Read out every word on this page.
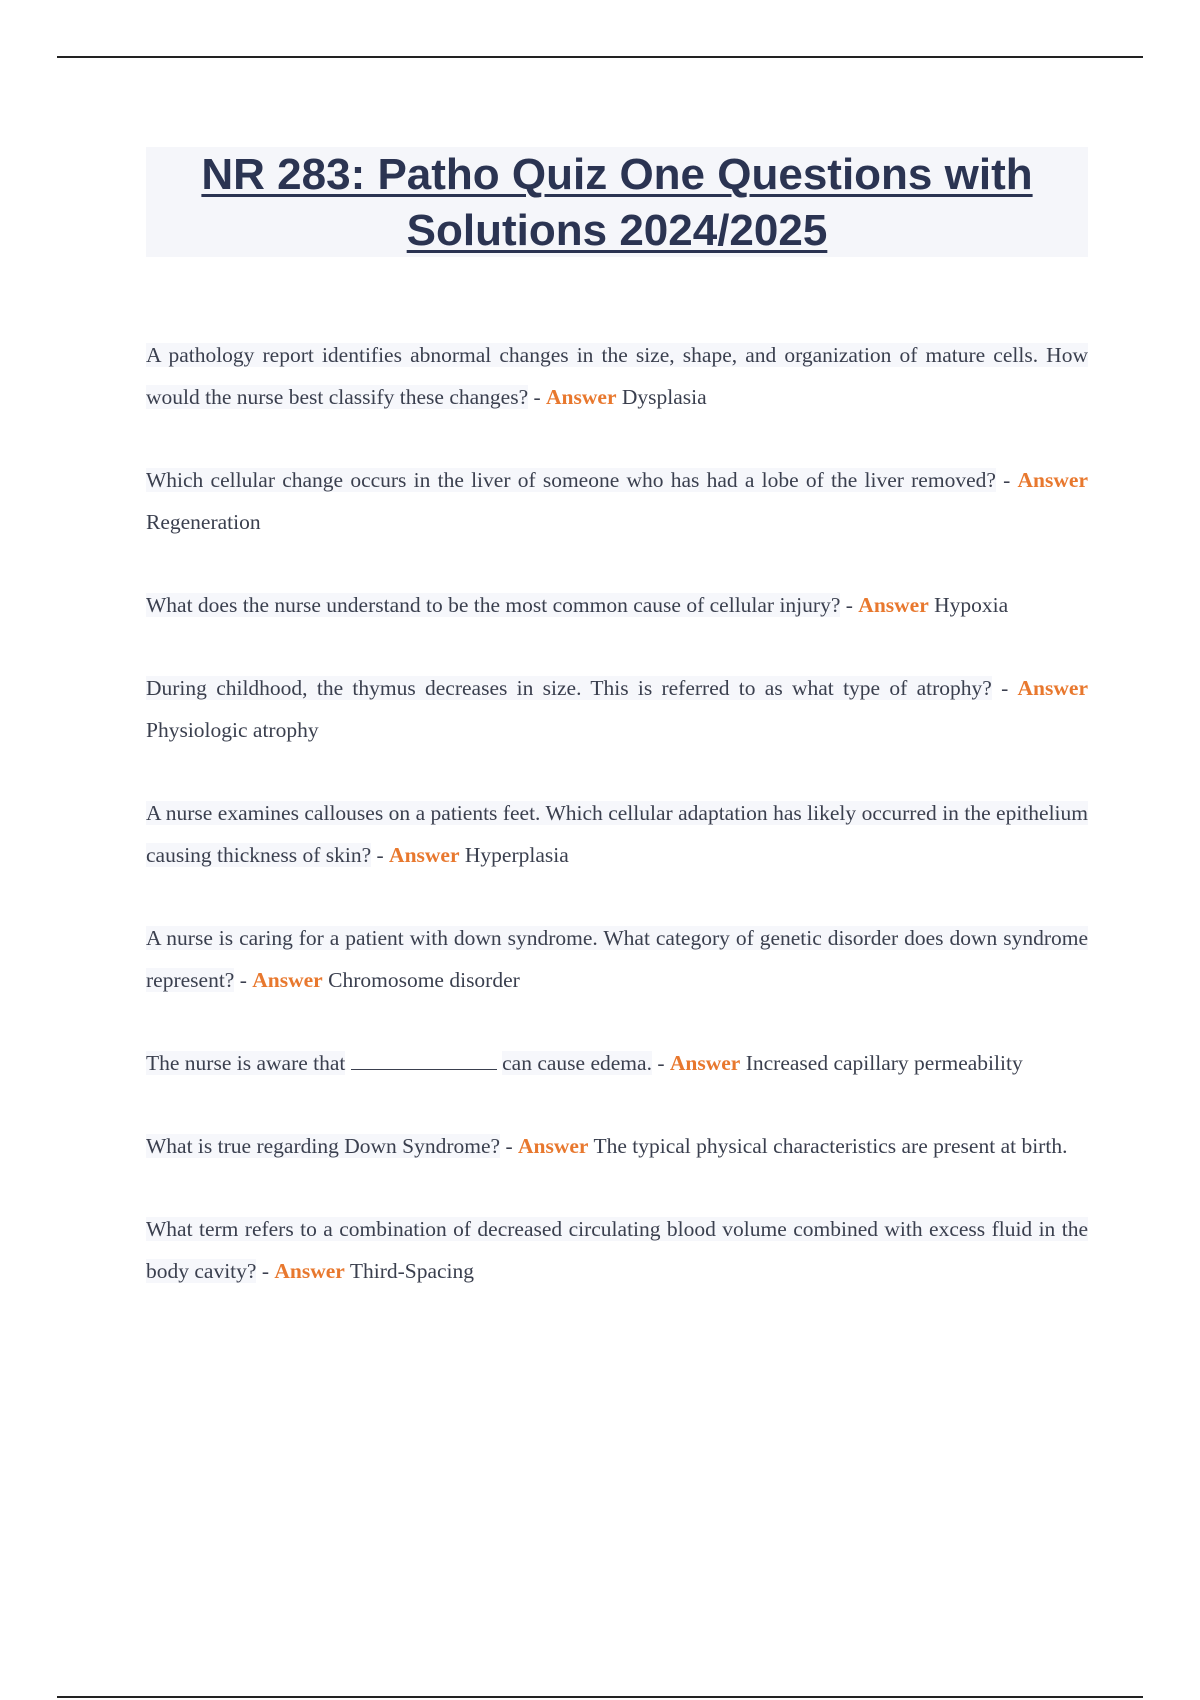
NR 283: Patho Quiz One Questions with Solutions 2024/2025

A pathology report identifies abnormal changes in the size, shape, and organization of mature cells. How would the nurse best classify these changes? - Answer Dysplasia

Which cellular change occurs in the liver of someone who has had a lobe of the liver removed? - Answer Regeneration

What does the nurse understand to be the most common cause of cellular injury? - Answer Hypoxia

During childhood, the thymus decreases in size. This is referred to as what type of atrophy? - Answer Physiologic atrophy

A nurse examines callouses on a patients feet. Which cellular adaptation has likely occurred in the epithelium causing thickness of skin? - Answer Hyperplasia

A nurse is caring for a patient with down syndrome. What category of genetic disorder does down syndrome represent? - Answer Chromosome disorder

The nurse is aware that	can cause edema. - Answer Increased capillary permeability

What is true regarding Down Syndrome? - Answer The typical physical characteristics are present at birth.

What term refers to a combination of decreased circulating blood volume combined with excess fluid in the body cavity? - Answer Third-Spacing
